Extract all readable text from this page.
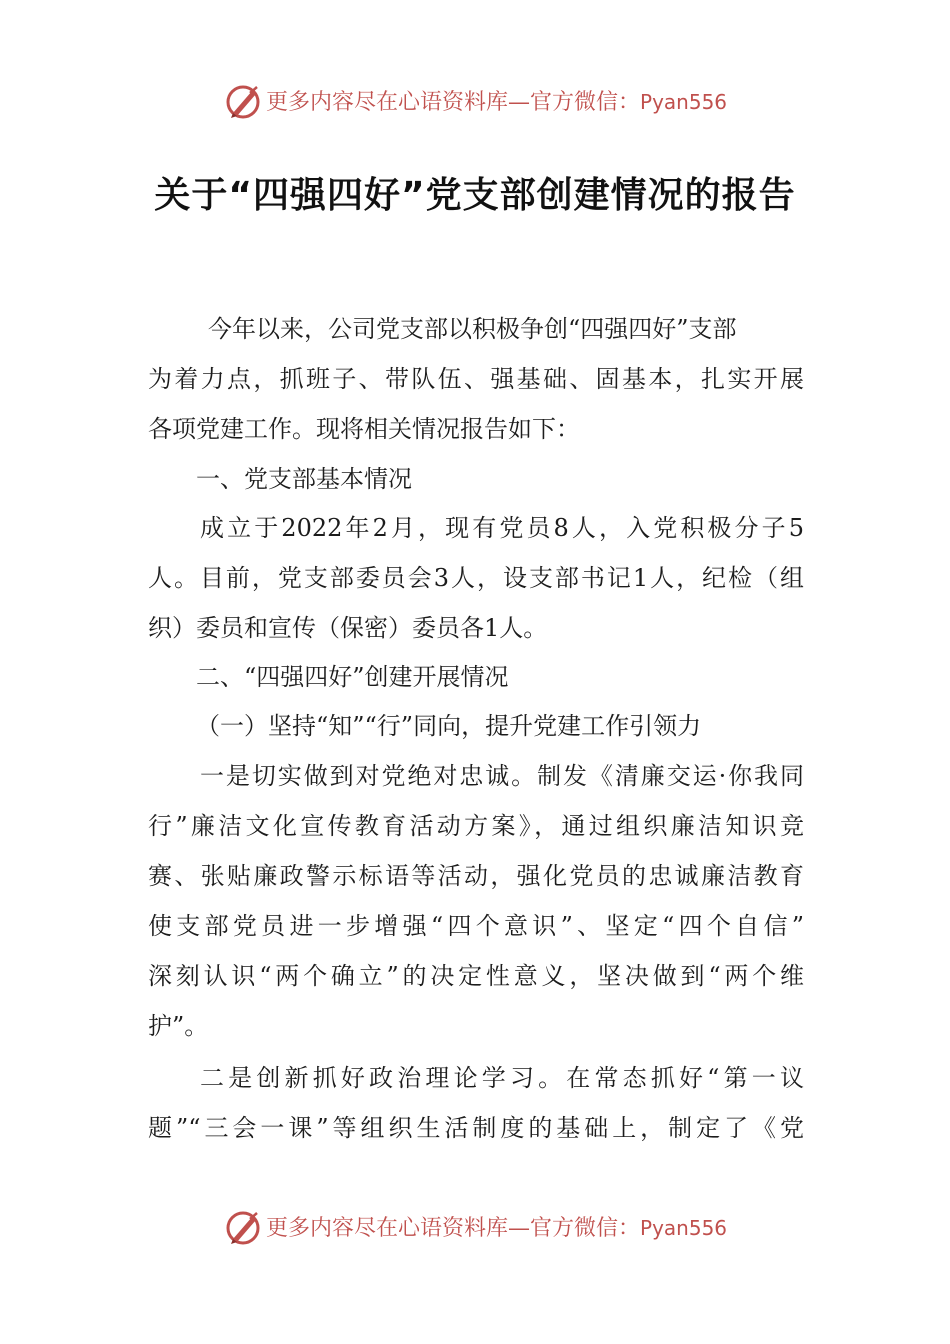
更多内容尽在心语资料库—官方微信：Pyan556
关于“四强四好”党支部创建情况的报告
今年以来，公司党支部以积极争创“四强四好”支部
为着力点，抓班子、带队伍、强基础、固基本，扎实开展
各项党建工作。现将相关情况报告如下：
一、党支部基本情况
成立于2022年2月，现有党员8人，入党积极分子5
人。目前，党支部委员会3人，设支部书记1人，纪检（组
织）委员和宣传（保密）委员各1人。
二、“四强四好”创建开展情况
（一）坚持“知”“行”同向，提升党建工作引领力
一是切实做到对党绝对忠诚。制发《清廉交运·你我同
行”廉洁文化宣传教育活动方案》，通过组织廉洁知识竞
赛、张贴廉政警示标语等活动，强化党员的忠诚廉洁教育
使支部党员进一步增强“四个意识”、坚定“四个自信”
深刻认识“两个确立”的决定性意义，坚决做到“两个维
护”。
二是创新抓好政治理论学习。在常态抓好“第一议
题”“三会一课”等组织生活制度的基础上，制定了《党
更多内容尽在心语资料库—官方微信：Pyan556
